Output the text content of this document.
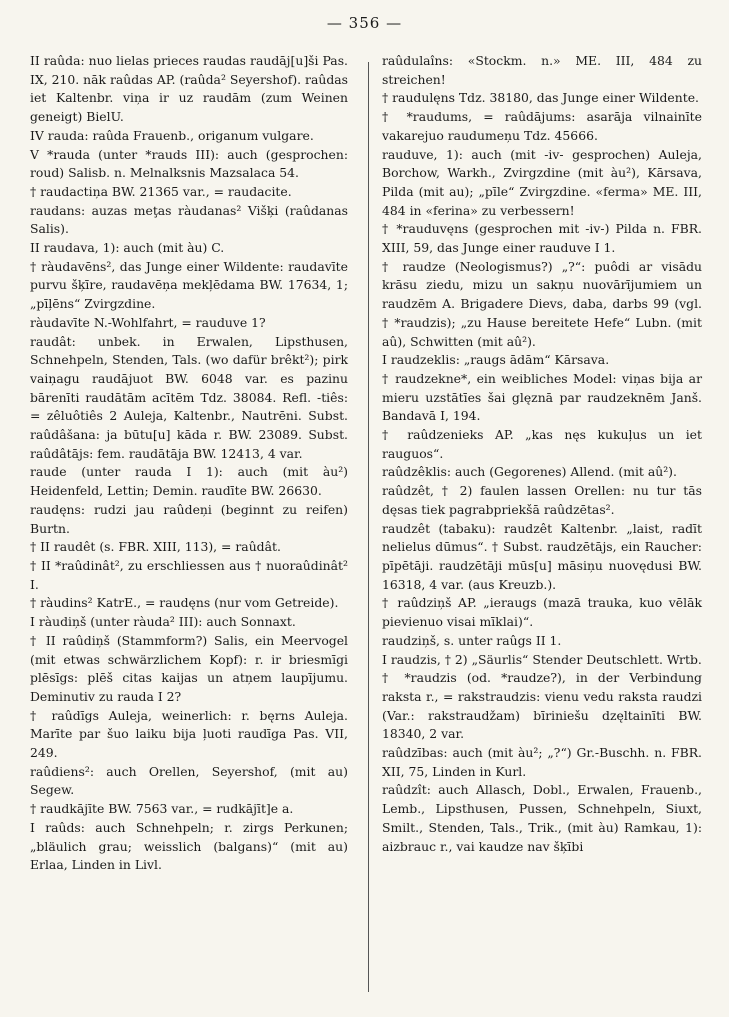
— 356 —

II raûda: nuo lielas prieces raudas raudāj[u]ši Pas. IX, 210. nāk raûdas AP. (raûda² Seyershof). raûdas iet Kaltenbr. viņa ir uz raudām (zum Weinen geneigt) BielU.

IV rauda: raûda Frauenb., origanum vulgare.

V *rauda (unter *rauds III): auch (gesprochen: roud) Salisb. n. Melnalksnis Mazsalaca 54.

† raudactiņa BW. 21365 var., = raudacite.

raudans: auzas meţas ràudanas² Višķi (raûdanas Salis).

II raudava, 1): auch (mit àu) C.

† ràudavēns², das Junge einer Wildente: raudavīte purvu šķīre, raudavēņa mekļēdama BW. 17634, 1; „pīļēns“ Zvirgzdine.

ràudavīte N.-Wohlfahrt, = rauduve 1?

raudât: unbek. in Erwalen, Lipsthusen, Schnehpeln, Stenden, Tals. (wo dafür brêkt²); pirk vaiņagu raudājuot BW. 6048 var. es pazinu bārenīti raudātām acītēm Tdz. 38084. Refl. -tiês: = zêluôtiês 2 Auleja, Kaltenbr., Nautrēni. Subst. raûdâšana: ja būtu[u] kāda r. BW. 23089. Subst. raûdâtājs: fem. raudātāja BW. 12413, 4 var.

raude (unter rauda I 1): auch (mit àu²) Heidenfeld, Lettin; Demin. raudīte BW. 26630.

raudęns: rudzi jau raûdeņi (beginnt zu reifen) Burtn.

† II raudêt (s. FBR. XIII, 113), = raûdât.

† II *raûdinât², zu erschliessen aus † nuoraûdinât² I.

† ràudins² KatrE., = raudęns (nur vom Getreide).

I ràudiņš (unter ràuda² III): auch Sonnaxt.

† II raûdiņš (Stammform?) Salis, ein Meervogel (mit etwas schwärzlichem Kopf): r. ir briesmīgi plēsīgs: plēš citas kaijas un atņem laupījumu. Deminutiv zu rauda I 2?

† raûdīgs Auleja, weinerlich: r. bęrns Auleja. Marīte par šuo laiku bija ļuoti raudīga Pas. VII, 249.

raûdiens²: auch Orellen, Seyershof, (mit au) Segew.

† raudkājīte BW. 7563 var., = rudkājīt]e a.

I raûds: auch Schnehpeln; r. zirgs Perkunen; „bläulich grau; weisslich (balgans)“ (mit au) Erlaa, Linden in Livl.

raûdulaîns: «Stockm. n.» ME. III, 484 zu streichen!

† raudulęns Tdz. 38180, das Junge einer Wildente.

† *raudums, = raûdājums: asarāja vilnainīte vakarejuo raudumeņu Tdz. 45666.

rauduve, 1): auch (mit -iv- gesprochen) Auleja, Borchow, Warkh., Zvirgzdine (mit àu²), Kārsava, Pilda (mit au); „pīle“ Zvirgzdine. «ferma» ME. III, 484 in «ferina» zu verbessern!

† *rauduvęns (gesprochen mit -iv-) Pilda n. FBR. XIII, 59, das Junge einer rauduve I 1.

† raudze (Neologismus?) „?“: puôdi ar visādu krāsu ziedu, mizu un sakņu nuovārījumiem un raudzēm A. Brigadere Dievs, daba, darbs 99 (vgl. † *raudzis); „zu Hause bereitete Hefe“ Lubn. (mit aû), Schwitten (mit aû²).

I raudzeklis: „raugs ādām“ Kārsava.

† raudzekne*, ein weibliches Model: viņas bija ar mieru uzstātīes šai glęznā par raudzeknēm Janš. Bandavā I, 194.

† raûdzenieks AP. „kas nęs kukuļus un iet rauguos“.

raûdzêklis: auch (Gegorenes) Allend. (mit aû²).

raûdzêt, † 2) faulen lassen Orellen: nu tur tās dęsas tiek pagrabpriekšā raûdzētas².

raudzêt (tabaku): raudzêt Kaltenbr. „laist, radīt nelielus dūmus“. † Subst. raudzētājs, ein Raucher: pīpētāji. raudzētāji mūs[u] māsiņu nuovędusi BW. 16318, 4 var. (aus Kreuzb.).

† raûdziņš AP. „ieraugs (mazā trauka, kuo vēlāk pievienuo visai mīklai)“.

raudziņš, s. unter raûgs II 1.

I raudzis, † 2) „Säurlis“ Stender Deutschlett. Wrtb.

† *raudzis (od. *raudze?), in der Verbindung raksta r., = rakstraudzis: vienu vedu raksta raudzi (Var.: rakstraudžam) bīriniešu dzęltainīti BW. 18340, 2 var.

raûdzības: auch (mit àu²; „?“) Gr.-Buschh. n. FBR. XII, 75, Linden in Kurl.

raûdzît: auch Allasch, Dobl., Erwalen, Frauenb., Lemb., Lipsthusen, Pussen, Schnehpeln, Siuxt, Smilt., Stenden, Tals., Trik., (mit àu) Ramkau, 1): aizbrauc r., vai kaudze nav šķībi
